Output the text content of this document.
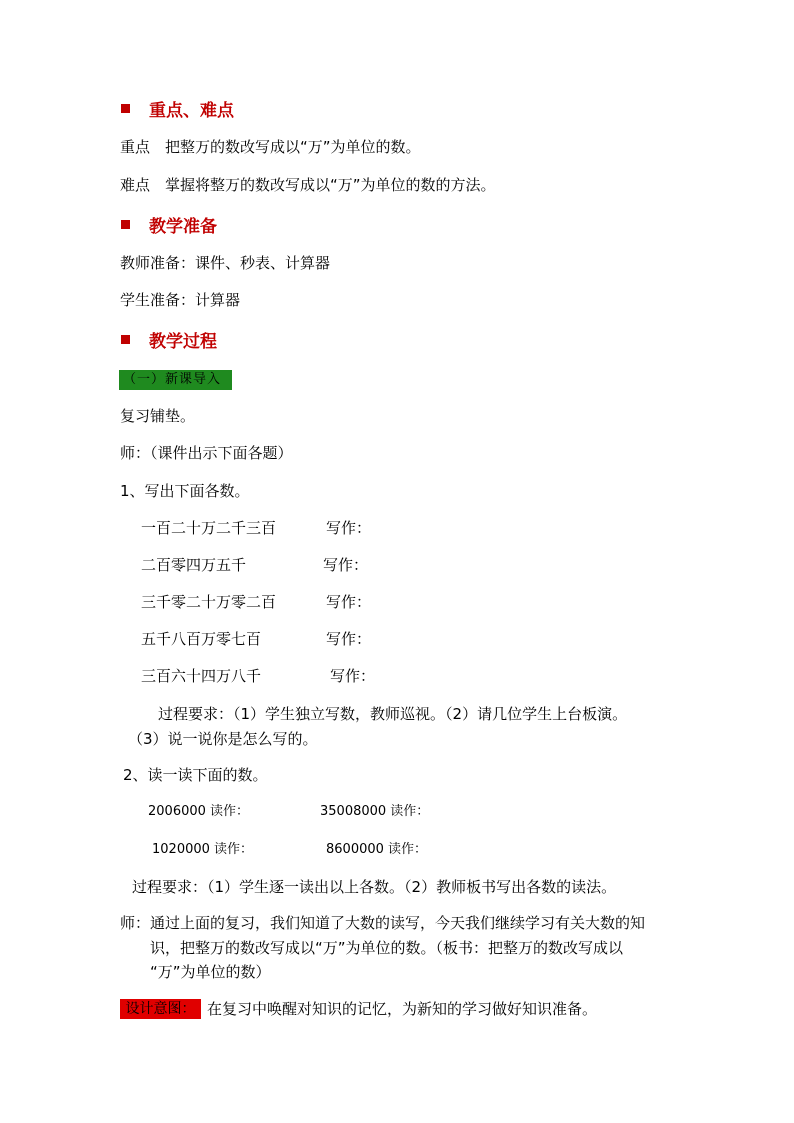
重点、难点
重点　把整万的数改写成以“万”为单位的数。
难点　掌握将整万的数改写成以“万”为单位的数的方法。
教学准备
教师准备：课件、秒表、计算器
学生准备：计算器
教学过程
（一）新课导入
复习铺垫。
师：（课件出示下面各题）
1、写出下面各数。
一百二十万二千三百	写作：
二百零四万五千	写作：
三千零二十万零二百	写作：
五千八百万零七百	写作：
三百六十四万八千	写作：
过程要求：（1）学生独立写数，教师巡视。（2）请几位学生上台板演。
（3）说一说你是怎么写的。
2、读一读下面的数。
2006000 读作：	35008000 读作：
1020000 读作：	8600000 读作：
过程要求：（1）学生逐一读出以上各数。（2）教师板书写出各数的读法。
师：通过上面的复习，我们知道了大数的读写，今天我们继续学习有关大数的知
识，把整万的数改写成以“万”为单位的数。（板书：把整万的数改写成以
“万”为单位的数）
设计意图： 在复习中唤醒对知识的记忆，为新知的学习做好知识准备。
